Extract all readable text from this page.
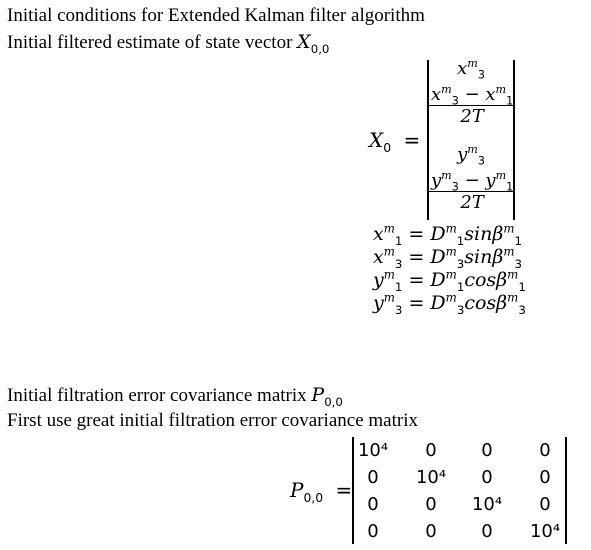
Initial conditions for Extended Kalman filter algorithm
Initial filtered estimate of state vector $X_{0,0}$
$X_0$ =
$x^m_3$
$\frac{x^m_3 - x^m_1}{2T}$
$y^m_3$
$\frac{y^m_3 - y^m_1}{2T}$
$x^m_1 = D^m_1\sin\beta^m_1$
$x^m_3 = D^m_3\sin\beta^m_3$
$y^m_1 = D^m_1\cos\beta^m_1$
$y^m_3 = D^m_3\cos\beta^m_3$
Initial filtration error covariance matrix $P_{0,0}$
First use great initial filtration error covariance matrix
$P_{0,0}$ =
10⁴	0	0	0
0	10⁴	0	0
0	0	10⁴	0
0	0	0	10⁴
